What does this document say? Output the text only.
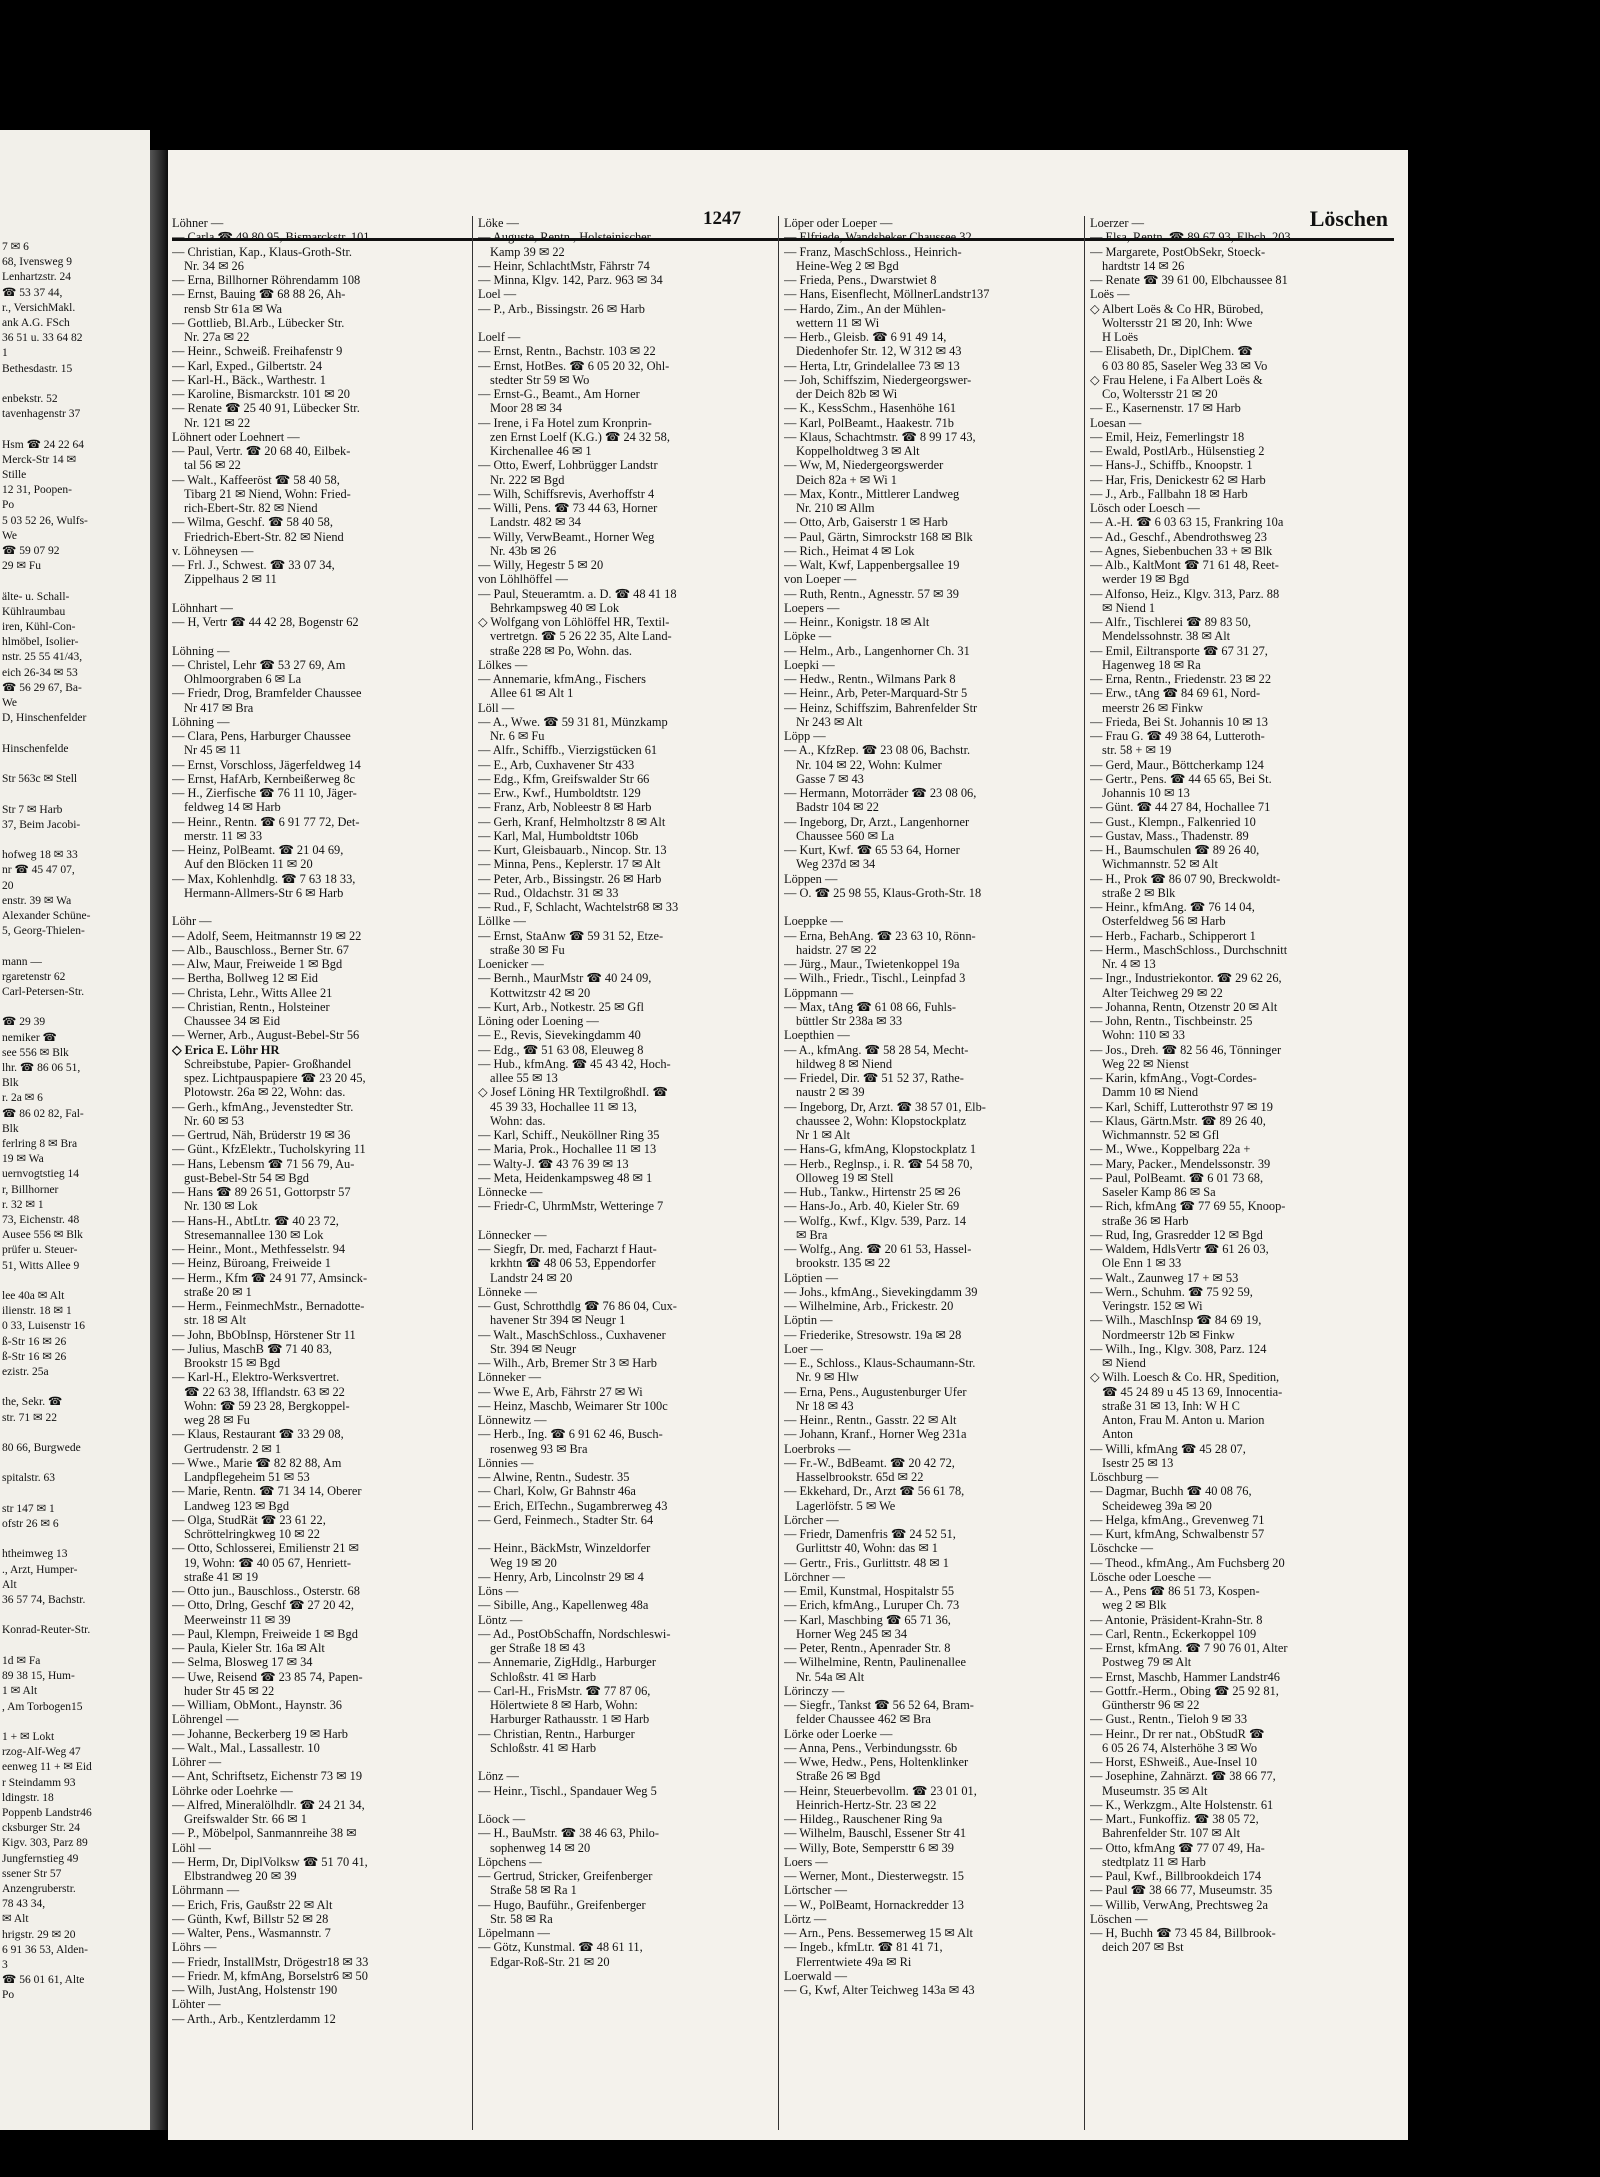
7 ✉ 6
68, Ivensweg 9
Lenhartzstr. 24
☎ 53 37 44,
r., VersichMakl.
ank A.G. FSch
36 51 u. 33 64 82
1
Bethesdastr. 15

enbekstr. 52
tavenhagenstr 37

Hsm ☎ 24 22 64
Merck-Str 14 ✉
Stille
12 31, Poopen-
Po
5 03 52 26, Wulfs-
We
☎ 59 07 92
29 ✉ Fu

älte- u. Schall-
Kühlraumbau
iren, Kühl-Con-
hlmöbel, Isolier-
nstr. 25 55 41/43,
eich 26-34 ✉ 53
☎ 56 29 67, Ba-
We
D, Hinschenfelder

Hinschenfelde

Str 563c ✉ Stell

Str 7 ✉ Harb
37, Beim Jacobi-

hofweg 18 ✉ 33
nr ☎ 45 47 07,
20
enstr. 39 ✉ Wa
Alexander Schüne-
5, Georg-Thielen-

mann —
rgaretenstr 62
Carl-Petersen-Str.

☎ 29 39
nemiker ☎
see 556 ✉ Blk
lhr. ☎ 86 06 51,
Blk
r. 2a ✉ 6
☎ 86 02 82, Fal-
Blk
ferlring 8 ✉ Bra
19 ✉ Wa
uernvogtstieg 14
r, Billhorner
r. 32 ✉ 1
73, Eichenstr. 48
Ausee 556 ✉ Blk
prüfer u. Steuer-
51, Witts Allee 9

lee 40a ✉ Alt
ilienstr. 18 ✉ 1
0 33, Luisenstr 16
ß-Str 16 ✉ 26
ß-Str 16 ✉ 26
ezistr. 25a

the, Sekr. ☎
str. 71 ✉ 22

80 66, Burgwede

spitalstr. 63

str 147 ✉ 1
ofstr 26 ✉ 6

htheimweg 13
., Arzt, Humper-
Alt
36 57 74, Bachstr.

Konrad-Reuter-Str.

1d ✉ Fa
89 38 15, Hum-
1 ✉ Alt
, Am Torbogen15

1 + ✉ Lokt
rzog-Alf-Weg 47
eenweg 11 + ✉ Eid
r Steindamm 93
ldingstr. 18
Poppenb Landstr46
cksburger Str. 24
Kigv. 303, Parz 89
Jungfernstieg 49
ssener Str 57
Anzengruberstr.
78 43 34,
✉ Alt
hrigstr. 29 ✉ 20
6 91 36 53, Alden-
3
☎ 56 01 61, Alte
Po
1247	Löschen
Löhner —
— Carla ☎ 49 80 95, Bismarckstr. 101
— Christian, Kap., Klaus-Groth-Str.
Nr. 34 ✉ 26
— Erna, Billhorner Röhrendamm 108
— Ernst, Bauing ☎ 68 88 26, Ah-
rensb Str 61a ✉ Wa
— Gottlieb, Bl.Arb., Lübecker Str.
Nr. 27a ✉ 22
— Heinr., Schweiß. Freihafenstr 9
— Karl, Exped., Gilbertstr. 24
— Karl-H., Bäck., Warthestr. 1
— Karoline, Bismarckstr. 101 ✉ 20
— Renate ☎ 25 40 91, Lübecker Str.
Nr. 121 ✉ 22
Löhnert oder Loehnert —
— Paul, Vertr. ☎ 20 68 40, Eilbek-
tal 56 ✉ 22
— Walt., Kaffeeröst ☎ 58 40 58,
Tibarg 21 ✉ Niend, Wohn: Fried-
rich-Ebert-Str. 82 ✉ Niend
— Wilma, Geschf. ☎ 58 40 58,
Friedrich-Ebert-Str. 82 ✉ Niend
v. Löhneysen —
— Frl. J., Schwest. ☎ 33 07 34,
Zippelhaus 2 ✉ 11

Löhnhart —
— H, Vertr ☎ 44 42 28, Bogenstr 62

Löhning —
— Christel, Lehr ☎ 53 27 69, Am
Ohlmoorgraben 6 ✉ La
— Friedr, Drog, Bramfelder Chaussee
Nr 417 ✉ Bra
Löhning —
— Clara, Pens, Harburger Chaussee
Nr 45 ✉ 11
— Ernst, Vorschloss, Jägerfeldweg 14
— Ernst, HafArb, Kernbeißerweg 8c
— H., Zierfische ☎ 76 11 10, Jäger-
feldweg 14 ✉ Harb
— Heinr., Rentn. ☎ 6 91 77 72, Det-
merstr. 11 ✉ 33
— Heinz, PolBeamt. ☎ 21 04 69,
Auf den Blöcken 11 ✉ 20
— Max, Kohlenhdlg. ☎ 7 63 18 33,
Hermann-Allmers-Str 6 ✉ Harb

Löhr —
— Adolf, Seem, Heitmannstr 19 ✉ 22
— Alb., Bauschloss., Berner Str. 67
— Alw, Maur, Freiweide 1 ✉ Bgd
— Bertha, Bollweg 12 ✉ Eid
— Christa, Lehr., Witts Allee 21
— Christian, Rentn., Holsteiner
Chaussee 34 ✉ Eid
— Werner, Arb., August-Bebel-Str 56
◇ Erica E. Löhr HR
Schreibstube, Papier- Großhandel
spez. Lichtpauspapiere ☎ 23 20 45,
Plotowstr. 26a ✉ 22, Wohn: das.
— Gerh., kfmAng., Jevenstedter Str.
Nr. 60 ✉ 53
— Gertrud, Näh, Brüderstr 19 ✉ 36
— Günt., KfzElektr., Tucholskyring 11
— Hans, Lebensm ☎ 71 56 79, Au-
gust-Bebel-Str 54 ✉ Bgd
— Hans ☎ 89 26 51, Gottorpstr 57
Nr. 130 ✉ Lok
— Hans-H., AbtLtr. ☎ 40 23 72,
Stresemannallee 130 ✉ Lok
— Heinr., Mont., Methfesselstr. 94
— Heinz, Büroang, Freiweide 1
— Herm., Kfm ☎ 24 91 77, Amsinck-
straße 20 ✉ 1
— Herm., FeinmechMstr., Bernadotte-
str. 18 ✉ Alt
— John, BbObInsp, Hörstener Str 11
— Julius, MaschB ☎ 71 40 83,
Brookstr 15 ✉ Bgd
— Karl-H., Elektro-Werksvertret.
☎ 22 63 38, Ifflandstr. 63 ✉ 22
Wohn: ☎ 59 23 28, Bergkoppel-
weg 28 ✉ Fu
— Klaus, Restaurant ☎ 33 29 08,
Gertrudenstr. 2 ✉ 1
— Wwe., Marie ☎ 82 82 88, Am
Landpflegeheim 51 ✉ 53
— Marie, Rentn. ☎ 71 34 14, Oberer
Landweg 123 ✉ Bgd
— Olga, StudRät ☎ 23 61 22,
Schröttelringkweg 10 ✉ 22
— Otto, Schlosserei, Emilienstr 21 ✉
19, Wohn: ☎ 40 05 67, Henriett-
straße 41 ✉ 19
— Otto jun., Bauschloss., Osterstr. 68
— Otto, Drlng, Geschf ☎ 27 20 42,
Meerweinstr 11 ✉ 39
— Paul, Klempn, Freiweide 1 ✉ Bgd
— Paula, Kieler Str. 16a ✉ Alt
— Selma, Blosweg 17 ✉ 34
— Uwe, Reisend ☎ 23 85 74, Papen-
huder Str 45 ✉ 22
— William, ObMont., Haynstr. 36
Löhrengel —
— Johanne, Beckerberg 19 ✉ Harb
— Walt., Mal., Lassallestr. 10
Löhrer —
— Ant, Schriftsetz, Eichenstr 73 ✉ 19
Löhrke oder Loehrke —
— Alfred, Mineralölhdlr. ☎ 24 21 34,
Greifswalder Str. 66 ✉ 1
— P., Möbelpol, Sanmannreihe 38 ✉
Löhl —
— Herm, Dr, DiplVolksw ☎ 51 70 41,
Elbstrandweg 20 ✉ 39
Löhrmann —
— Erich, Fris, Gaußstr 22 ✉ Alt
— Günth, Kwf, Billstr 52 ✉ 28
— Walter, Pens., Wasmannstr. 7
Löhrs —
— Friedr, InstallMstr, Drögestr18 ✉ 33
— Friedr. M, kfmAng, Borselstr6 ✉ 50
— Wilh, JustAng, Holstenstr 190
Löhter —
— Arth., Arb., Kentzlerdamm 12
Löke —
— Auguste, Rentn., Holsteinischer
Kamp 39 ✉ 22
— Heinr, SchlachtMstr, Fährstr 74
— Minna, Klgv. 142, Parz. 963 ✉ 34
Loel —
— P., Arb., Bissingstr. 26 ✉ Harb

Loelf —
— Ernst, Rentn., Bachstr. 103 ✉ 22
— Ernst, HotBes. ☎ 6 05 20 32, Ohl-
stedter Str 59 ✉ Wo
— Ernst-G., Beamt., Am Horner
Moor 28 ✉ 34
— Irene, i Fa Hotel zum Kronprin-
zen Ernst Loelf (K.G.) ☎ 24 32 58,
Kirchenallee 46 ✉ 1
— Otto, Ewerf, Lohbrügger Landstr
Nr. 222 ✉ Bgd
— Wilh, Schiffsrevis, Averhoffstr 4
— Willi, Pens. ☎ 73 44 63, Horner
Landstr. 482 ✉ 34
— Willy, VerwBeamt., Horner Weg
Nr. 43b ✉ 26
— Willy, Hegestr 5 ✉ 20
von Löhlhöffel —
— Paul, Steueramtm. a. D. ☎ 48 41 18
Behrkampsweg 40 ✉ Lok
◇ Wolfgang von Löhlöffel HR, Textil-
vertretgn. ☎ 5 26 22 35, Alte Land-
straße 228 ✉ Po, Wohn. das.
Lölkes —
— Annemarie, kfmAng., Fischers
Allee 61 ✉ Alt 1
Löll —
— A., Wwe. ☎ 59 31 81, Münzkamp
Nr. 6 ✉ Fu
— Alfr., Schiffb., Vierzigstücken 61
— E., Arb, Cuxhavener Str 433
— Edg., Kfm, Greifswalder Str 66
— Erw., Kwf., Humboldtstr. 129
— Franz, Arb, Nobleestr 8 ✉ Harb
— Gerh, Kranf, Helmholtzstr 8 ✉ Alt
— Karl, Mal, Humboldtstr 106b
— Kurt, Gleisbauarb., Nincop. Str. 13
— Minna, Pens., Keplerstr. 17 ✉ Alt
— Peter, Arb., Bissingstr. 26 ✉ Harb
— Rud., Oldachstr. 31 ✉ 33
— Rud., F, Schlacht, Wachtelstr68 ✉ 33
Löllke —
— Ernst, StaAnw ☎ 59 31 52, Etze-
straße 30 ✉ Fu
Loenicker —
— Bernh., MaurMstr ☎ 40 24 09,
Kottwitzstr 42 ✉ 20
— Kurt, Arb., Notkestr. 25 ✉ Gfl
Löning oder Loening —
— E., Revis, Sievekingdamm 40
— Edg., ☎ 51 63 08, Eleuweg 8
— Hub., kfmAng. ☎ 45 43 42, Hoch-
allee 55 ✉ 13
◇ Josef Löning HR TextilgroßhdI. ☎
45 39 33, Hochallee 11 ✉ 13,
Wohn: das.
— Karl, Schiff., Neuköllner Ring 35
— Maria, Prok., Hochallee 11 ✉ 13
— Walty-J. ☎ 43 76 39 ✉ 13
— Meta, Heidenkampsweg 48 ✉ 1
Lönnecke —
— Friedr-C, UhrmMstr, Wetteringe 7

Lönnecker —
— Siegfr, Dr. med, Facharzt f Haut-
krkhtn ☎ 48 06 53, Eppendorfer
Landstr 24 ✉ 20
Lönneke —
— Gust, Schrotthdlg ☎ 76 86 04, Cux-
havener Str 394 ✉ Neugr 1
— Walt., MaschSchloss., Cuxhavener
Str. 394 ✉ Neugr
— Wilh., Arb, Bremer Str 3 ✉ Harb
Lönneker —
— Wwe E, Arb, Fährstr 27 ✉ Wi
— Heinz, Maschb, Weimarer Str 100c
Lönnewitz —
— Herb., Ing. ☎ 6 91 62 46, Busch-
rosenweg 93 ✉ Bra
Lönnies —
— Alwine, Rentn., Sudestr. 35
— Charl, Kolw, Gr Bahnstr 46a
— Erich, ElTechn., Sugambrerweg 43
— Gerd, Feinmech., Stadter Str. 64

— Heinr., BäckMstr, Winzeldorfer
Weg 19 ✉ 20
— Henry, Arb, Lincolnstr 29 ✉ 4
Löns —
— Sibille, Ang., Kapellenweg 48a
Löntz —
— Ad., PostObSchaffn, Nordschleswi-
ger Straße 18 ✉ 43
— Annemarie, ZigHdlg., Harburger
Schloßstr. 41 ✉ Harb
— Carl-H., FrisMstr. ☎ 77 87 06,
Hölertwiete 8 ✉ Harb, Wohn:
Harburger Rathausstr. 1 ✉ Harb
— Christian, Rentn., Harburger
Schloßstr. 41 ✉ Harb

Lönz —
— Heinr., Tischl., Spandauer Weg 5

Löock —
— H., BauMstr. ☎ 38 46 63, Philo-
sophenweg 14 ✉ 20
Löpchens —
— Gertrud, Stricker, Greifenberger
Straße 58 ✉ Ra 1
— Hugo, Bauführ., Greifenberger
Str. 58 ✉ Ra
Löpelmann —
— Götz, Kunstmal. ☎ 48 61 11,
Edgar-Roß-Str. 21 ✉ 20
Löper oder Loeper —
— Elfriede, Wandsbeker Chaussee 32
— Franz, MaschSchloss., Heinrich-
Heine-Weg 2 ✉ Bgd
— Frieda, Pens., Dwarstwiet 8
— Hans, Eisenflecht, MöllnerLandstr137
— Hardo, Zim., An der Mühlen-
wettern 11 ✉ Wi
— Herb., Gleisb. ☎ 6 91 49 14,
Diedenhofer Str. 12, W 312 ✉ 43
— Herta, Ltr, Grindelallee 73 ✉ 13
— Joh, Schiffszim, Niedergeorgswer-
der Deich 82b ✉ Wi
— K., KessSchm., Hasenhöhe 161
— Karl, PolBeamt., Haakestr. 71b
— Klaus, Schachtmstr. ☎ 8 99 17 43,
Koppelholdtweg 3 ✉ Alt
— Ww, M, Niedergeorgswerder
Deich 82a + ✉ Wi 1
— Max, Kontr., Mittlerer Landweg
Nr. 210 ✉ Allm
— Otto, Arb, Gaiserstr 1 ✉ Harb
— Paul, Gärtn, Simrockstr 168 ✉ Blk
— Rich., Heimat 4 ✉ Lok
— Walt, Kwf, Lappenbergsallee 19
von Loeper —
— Ruth, Rentn., Agnesstr. 57 ✉ 39
Loepers —
— Heinr., Konigstr. 18 ✉ Alt
Löpke —
— Helm., Arb., Langenhorner Ch. 31
Loepki —
— Hedw., Rentn., Wilmans Park 8
— Heinr., Arb, Peter-Marquard-Str 5
— Heinz, Schiffszim, Bahrenfelder Str
Nr 243 ✉ Alt
Löpp —
— A., KfzRep. ☎ 23 08 06, Bachstr.
Nr. 104 ✉ 22, Wohn: Kulmer
Gasse 7 ✉ 43
— Hermann, Motorräder ☎ 23 08 06,
Badstr 104 ✉ 22
— Ingeborg, Dr, Arzt., Langenhorner
Chaussee 560 ✉ La
— Kurt, Kwf. ☎ 65 53 64, Horner
Weg 237d ✉ 34
Löppen —
— O. ☎ 25 98 55, Klaus-Groth-Str. 18

Loeppke —
— Erna, BehAng. ☎ 23 63 10, Rönn-
haidstr. 27 ✉ 22
— Jürg., Maur., Twietenkoppel 19a
— Wilh., Friedr., Tischl., Leinpfad 3
Löppmann —
— Max, tAng ☎ 61 08 66, Fuhls-
büttler Str 238a ✉ 33
Loepthien —
— A., kfmAng. ☎ 58 28 54, Mecht-
hildweg 8 ✉ Niend
— Friedel, Dir. ☎ 51 52 37, Rathe-
naustr 2 ✉ 39
— Ingeborg, Dr, Arzt. ☎ 38 57 01, Elb-
chaussee 2, Wohn: Klopstockplatz
Nr 1 ✉ Alt
— Hans-G, kfmAng, Klopstockplatz 1
— Herb., Reglnsp., i. R. ☎ 54 58 70,
Olloweg 19 ✉ Stell
— Hub., Tankw., Hirtenstr 25 ✉ 26
— Hans-Jo., Arb. 40, Kieler Str. 69
— Wolfg., Kwf., Klgv. 539, Parz. 14
✉ Bra
— Wolfg., Ang. ☎ 20 61 53, Hassel-
brookstr. 135 ✉ 22
Löptien —
— Johs., kfmAng., Sievekingdamm 39
— Wilhelmine, Arb., Frickestr. 20
Löptin —
— Friederike, Stresowstr. 19a ✉ 28
Loer —
— E., Schloss., Klaus-Schaumann-Str.
Nr. 9 ✉ Hlw
— Erna, Pens., Augustenburger Ufer
Nr 18 ✉ 43
— Heinr., Rentn., Gasstr. 22 ✉ Alt
— Johann, Kranf., Horner Weg 231a
Loerbroks —
— Fr.-W., BdBeamt. ☎ 20 42 72,
Hasselbrookstr. 65d ✉ 22
— Ekkehard, Dr., Arzt ☎ 56 61 78,
Lagerlöfstr. 5 ✉ We
Lörcher —
— Friedr, Damenfris ☎ 24 52 51,
Gurlittstr 40, Wohn: das ✉ 1
— Gertr., Fris., Gurlittstr. 48 ✉ 1
Lörchner —
— Emil, Kunstmal, Hospitalstr 55
— Erich, kfmAng., Luruper Ch. 73
— Karl, Maschbing ☎ 65 71 36,
Horner Weg 245 ✉ 34
— Peter, Rentn., Apenrader Str. 8
— Wilhelmine, Rentn, Paulinenallee
Nr. 54a ✉ Alt
Lörinczy —
— Siegfr., Tankst ☎ 56 52 64, Bram-
felder Chaussee 462 ✉ Bra
Lörke oder Loerke —
— Anna, Pens., Verbindungsstr. 6b
— Wwe, Hedw., Pens, Holtenklinker
Straße 26 ✉ Bgd
— Heinr, Steuerbevollm. ☎ 23 01 01,
Heinrich-Hertz-Str. 23 ✉ 22
— Hildeg., Rauschener Ring 9a
— Wilhelm, Bauschl, Essener Str 41
— Willy, Bote, Sempersttr 6 ✉ 39
Loers —
— Werner, Mont., Diesterwegstr. 15
Lörtscher —
— W., PolBeamt, Hornackredder 13
Lörtz —
— Arn., Pens. Bessemerweg 15 ✉ Alt
— Ingeb., kfmLtr. ☎ 81 41 71,
Flerrentwiete 49a ✉ Ri
Loerwald —
— G, Kwf, Alter Teichweg 143a ✉ 43
Loerzer —
— Elsa, Rentn. ☎ 89 67 93, Elbch. 203
— Margarete, PostObSekr, Stoeck-
hardtstr 14 ✉ 26
— Renate ☎ 39 61 00, Elbchaussee 81
Loës —
◇ Albert Loës & Co HR, Bürobed,
Woltersstr 21 ✉ 20, Inh: Wwe
H Loës
— Elisabeth, Dr., DiplChem. ☎
6 03 80 85, Saseler Weg 33 ✉ Vo
◇ Frau Helene, i Fa Albert Loës &
Co, Woltersstr 21 ✉ 20
— E., Kasernenstr. 17 ✉ Harb
Loesan —
— Emil, Heiz, Femerlingstr 18
— Ewald, PostlArb., Hülsenstieg 2
— Hans-J., Schiffb., Knoopstr. 1
— Har, Fris, Denickestr 62 ✉ Harb
— J., Arb., Fallbahn 18 ✉ Harb
Lösch oder Loesch —
— A.-H. ☎ 6 03 63 15, Frankring 10a
— Ad., Geschf., Abendrothsweg 23
— Agnes, Siebenbuchen 33 + ✉ Blk
— Alb., KaltMont ☎ 71 61 48, Reet-
werder 19 ✉ Bgd
— Alfonso, Heiz., Klgv. 313, Parz. 88
✉ Niend 1
— Alfr., Tischlerei ☎ 89 83 50,
Mendelssohnstr. 38 ✉ Alt
— Emil, Eiltransporte ☎ 67 31 27,
Hagenweg 18 ✉ Ra
— Erna, Rentn., Friedenstr. 23 ✉ 22
— Erw., tAng ☎ 84 69 61, Nord-
meerstr 26 ✉ Finkw
— Frieda, Bei St. Johannis 10 ✉ 13
— Frau G. ☎ 49 38 64, Lutteroth-
str. 58 + ✉ 19
— Gerd, Maur., Böttcherkamp 124
— Gertr., Pens. ☎ 44 65 65, Bei St.
Johannis 10 ✉ 13
— Günt. ☎ 44 27 84, Hochallee 71
— Gust., Klempn., Falkenried 10
— Gustav, Mass., Thadenstr. 89
— H., Baumschulen ☎ 89 26 40,
Wichmannstr. 52 ✉ Alt
— H., Prok ☎ 86 07 90, Breckwoldt-
straße 2 ✉ Blk
— Heinr., kfmAng. ☎ 76 14 04,
Osterfeldweg 56 ✉ Harb
— Herb., Facharb., Schipperort 1
— Herm., MaschSchloss., Durchschnitt
Nr. 4 ✉ 13
— Ingr., Industriekontor. ☎ 29 62 26,
Alter Teichweg 29 ✉ 22
— Johanna, Rentn, Otzenstr 20 ✉ Alt
— John, Rentn., Tischbeinstr. 25
Wohn: 110 ✉ 33
— Jos., Dreh. ☎ 82 56 46, Tönninger
Weg 22 ✉ Nienst
— Karin, kfmAng., Vogt-Cordes-
Damm 10 ✉ Niend
— Karl, Schiff, Lutterothstr 97 ✉ 19
— Klaus, Gärtn.Mstr. ☎ 89 26 40,
Wichmannstr. 52 ✉ Gfl
— M., Wwe., Koppelbarg 22a +
— Mary, Packer., Mendelssonstr. 39
— Paul, PolBeamt. ☎ 6 01 73 68,
Saseler Kamp 86 ✉ Sa
— Rich, kfmAng ☎ 77 69 55, Knoop-
straße 36 ✉ Harb
— Rud, Ing, Grasredder 12 ✉ Bgd
— Waldem, HdlsVertr ☎ 61 26 03,
Ole Enn 1 ✉ 33
— Walt., Zaunweg 17 + ✉ 53
— Wern., Schuhm. ☎ 75 92 59,
Veringstr. 152 ✉ Wi
— Wilh., MaschInsp ☎ 84 69 19,
Nordmeerstr 12b ✉ Finkw
— Wilh., Ing., Klgv. 308, Parz. 124
✉ Niend
◇ Wilh. Loesch & Co. HR, Spedition,
☎ 45 24 89 u 45 13 69, Innocentia-
straße 31 ✉ 13, Inh: W H C
Anton, Frau M. Anton u. Marion
Anton
— Willi, kfmAng ☎ 45 28 07,
Isestr 25 ✉ 13
Löschburg —
— Dagmar, Buchh ☎ 40 08 76,
Scheideweg 39a ✉ 20
— Helga, kfmAng., Grevenweg 71
— Kurt, kfmAng, Schwalbenstr 57
Löschcke —
— Theod., kfmAng., Am Fuchsberg 20
Lösche oder Loesche —
— A., Pens ☎ 86 51 73, Kospen-
weg 2 ✉ Blk
— Antonie, Präsident-Krahn-Str. 8
— Carl, Rentn., Eckerkoppel 109
— Ernst, kfmAng. ☎ 7 90 76 01, Alter
Postweg 79 ✉ Alt
— Ernst, Maschb, Hammer Landstr46
— Gottfr.-Herm., Obing ☎ 25 92 81,
Güntherstr 96 ✉ 22
— Gust., Rentn., Tieloh 9 ✉ 33
— Heinr., Dr rer nat., ObStudR ☎
6 05 26 74, Alsterhöhe 3 ✉ Wo
— Horst, EShweiß., Aue-Insel 10
— Josephine, Zahnärzt. ☎ 38 66 77,
Museumstr. 35 ✉ Alt
— K., Werkzgm., Alte Holstenstr. 61
— Mart., Funkoffiz. ☎ 38 05 72,
Bahrenfelder Str. 107 ✉ Alt
— Otto, kfmAng ☎ 77 07 49, Ha-
stedtplatz 11 ✉ Harb
— Paul, Kwf., Billbrookdeich 174
— Paul ☎ 38 66 77, Museumstr. 35
— Willib, VerwAng, Prechtsweg 2a
Löschen —
— H, Buchh ☎ 73 45 84, Billbrook-
deich 207 ✉ Bst
